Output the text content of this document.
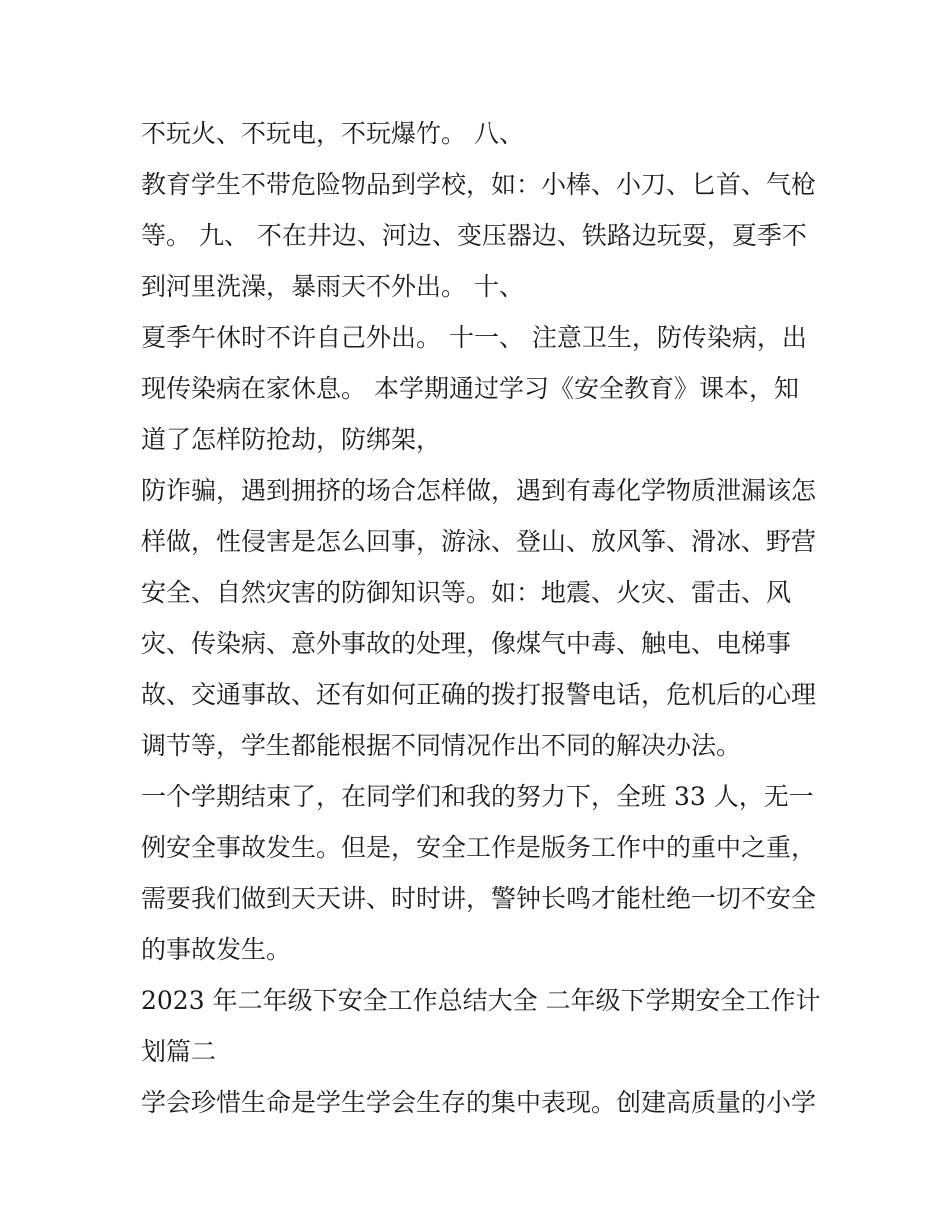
不玩火、不玩电，不玩爆竹。 八、
教育学生不带危险物品到学校，如：小棒、小刀、匕首、气枪
等。 九、 不在井边、河边、变压器边、铁路边玩耍，夏季不
到河里洗澡，暴雨天不外出。 十、
夏季午休时不许自己外出。 十一、 注意卫生，防传染病，出
现传染病在家休息。 本学期通过学习《安全教育》课本，知
道了怎样防抢劫，防绑架，
防诈骗，遇到拥挤的场合怎样做，遇到有毒化学物质泄漏该怎
样做，性侵害是怎么回事，游泳、登山、放风筝、滑冰、野营
安全、自然灾害的防御知识等。如：地震、火灾、雷击、风
灾、传染病、意外事故的处理，像煤气中毒、触电、电梯事
故、交通事故、还有如何正确的拨打报警电话，危机后的心理
调节等，学生都能根据不同情况作出不同的解决办法。
一个学期结束了，在同学们和我的努力下，全班 33 人，无一
例安全事故发生。但是，安全工作是版务工作中的重中之重，
需要我们做到天天讲、时时讲，警钟长鸣才能杜绝一切不安全
的事故发生。
2023 年二年级下安全工作总结大全 二年级下学期安全工作计
划篇二
学会珍惜生命是学生学会生存的集中表现。创建高质量的小学
